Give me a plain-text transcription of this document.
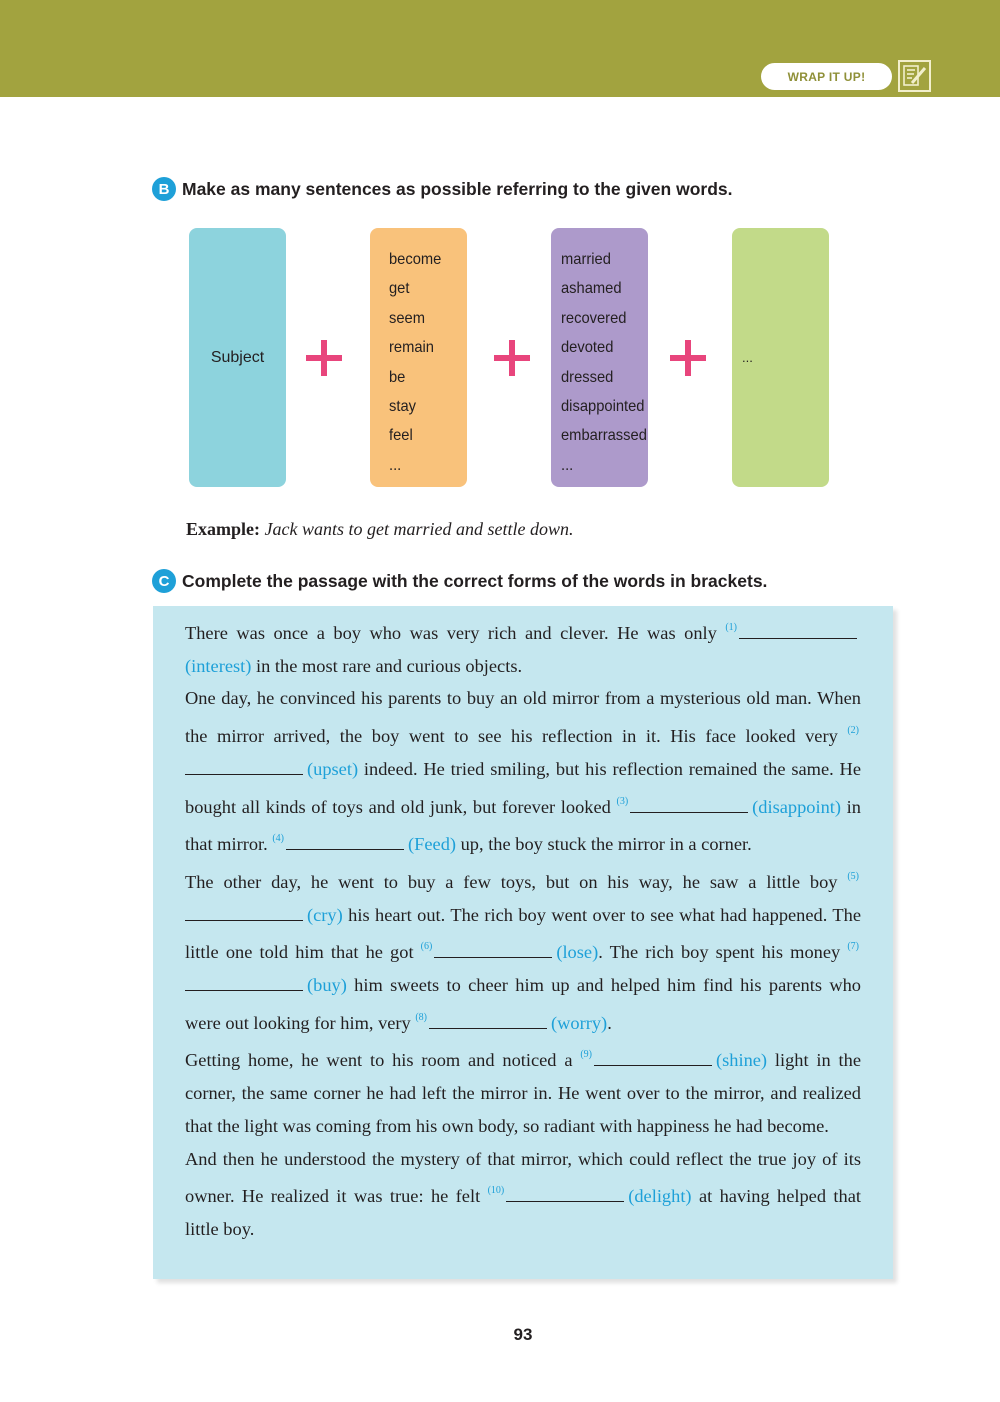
WRAP IT UP!
B Make as many sentences as possible referring to the given words.
Subject
become
get
seem
remain
be
stay
feel
...
married
ashamed
recovered
devoted
dressed
disappointed
embarrassed
...
...
Example: Jack wants to get married and settle down.
C Complete the passage with the correct forms of the words in brackets.

There was once a boy who was very rich and clever. He was only $^{(1)}$(interest) in the most rare and curious objects.

One day, he convinced his parents to buy an old mirror from a mysterious old man. When the mirror arrived, the boy went to see his reflection in it. His face looked very $^{(2)}$(upset) indeed. He tried smiling, but his reflection remained the same. He bought all kinds of toys and old junk, but forever looked $^{(3)}$	(disappoint) in that mirror. $^{(4)}$	(Feed) up, the boy stuck the mirror in a corner.

The other day, he went to buy a few toys, but on his way, he saw a little boy $^{(5)}$(cry) his heart out. The rich boy went over to see what had happened. The little one told him that he got $^{(6)}$	(lose). The rich boy spent his money $^{(7)}$(buy) him sweets to cheer him up and helped him find his parents who were out looking for him, very $^{(8)}$	(worry).

Getting home, he went to his room and noticed a $^{(9)}$	(shine) light in the corner, the same corner he had left the mirror in. He went over to the mirror, and realized that the light was coming from his own body, so radiant with happiness he had become.

And then he understood the mystery of that mirror, which could reflect the true joy of its owner. He realized it was true: he felt $^{(10)}$	(delight) at having helped that little boy.

93
